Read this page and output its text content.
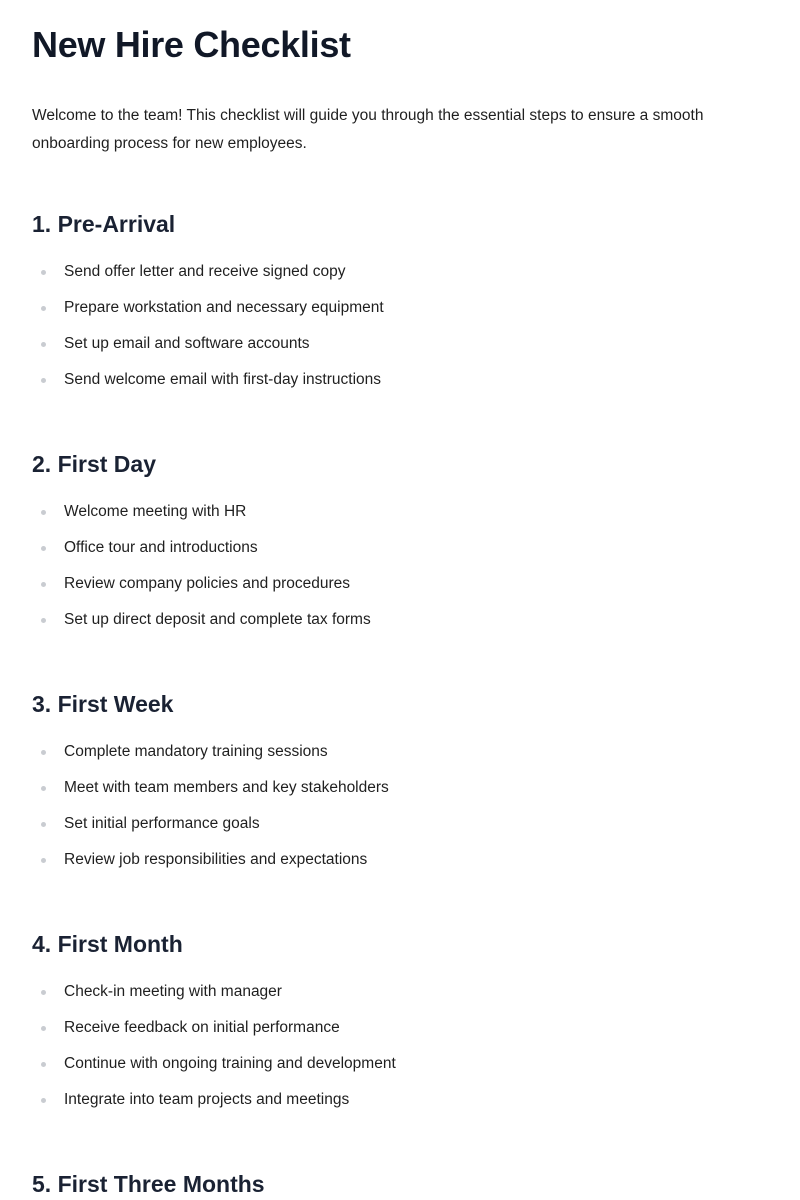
New Hire Checklist

Welcome to the team! This checklist will guide you through the essential steps to ensure a smooth onboarding process for new employees.

1. Pre-Arrival
Send offer letter and receive signed copy
Prepare workstation and necessary equipment
Set up email and software accounts
Send welcome email with first-day instructions
2. First Day
Welcome meeting with HR
Office tour and introductions
Review company policies and procedures
Set up direct deposit and complete tax forms
3. First Week
Complete mandatory training sessions
Meet with team members and key stakeholders
Set initial performance goals
Review job responsibilities and expectations
4. First Month
Check-in meeting with manager
Receive feedback on initial performance
Continue with ongoing training and development
Integrate into team projects and meetings
5. First Three Months
